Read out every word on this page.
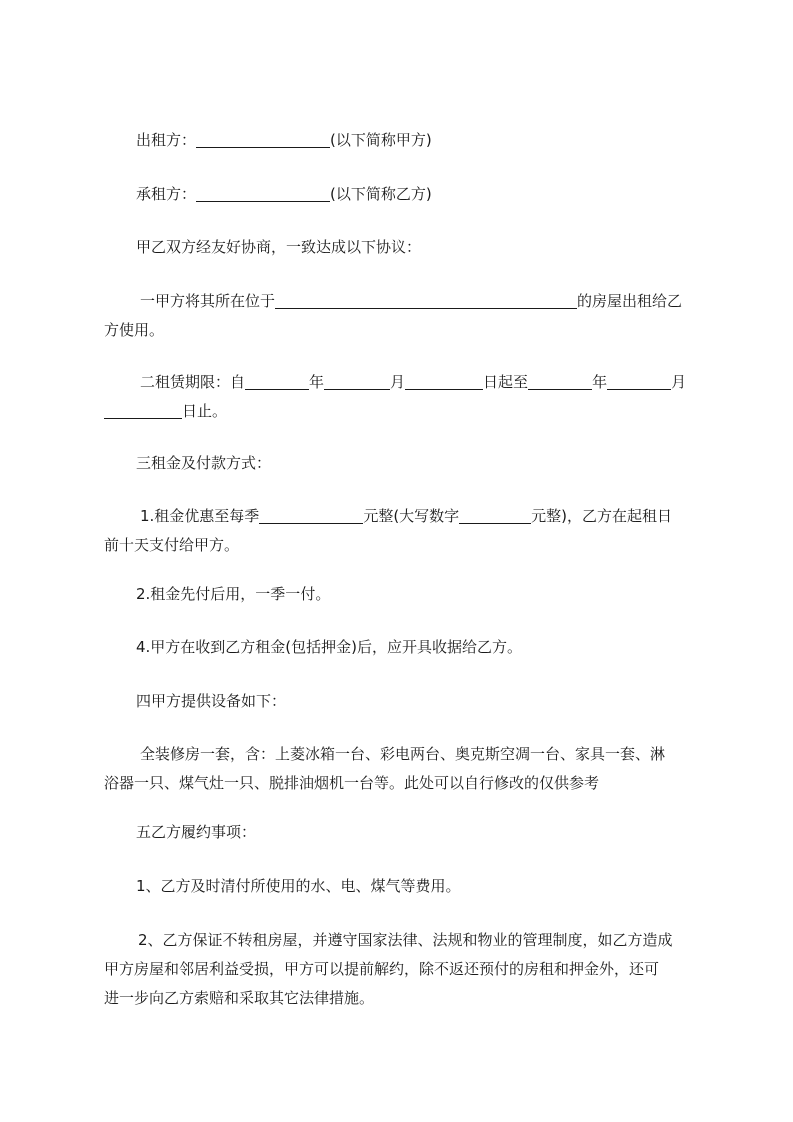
出租方：	(以下简称甲方)
承租方：	(以下简称乙方)
甲乙双方经友好协商，一致达成以下协议：
一甲方将其所在位于	的房屋出租给乙
方使用。
二租赁期限：自	年	月	日起至	年	月
日止。
三租金及付款方式：
1.租金优惠至每季	元整(大写数字	元整)，乙方在起租日
前十天支付给甲方。
2.租金先付后用，一季一付。
4.甲方在收到乙方租金(包括押金)后，应开具收据给乙方。
四甲方提供设备如下：
全装修房一套，含：上菱冰箱一台、彩电两台、奥克斯空凋一台、家具一套、淋
浴器一只、煤气灶一只、脱排油烟机一台等。此处可以自行修改的仅供参考
五乙方履约事项：
1、乙方及时清付所使用的水、电、煤气等费用。
2、乙方保证不转租房屋，并遵守国家法律、法规和物业的管理制度，如乙方造成
甲方房屋和邻居利益受损，甲方可以提前解约，除不返还预付的房租和押金外，还可
进一步向乙方索赔和采取其它法律措施。
